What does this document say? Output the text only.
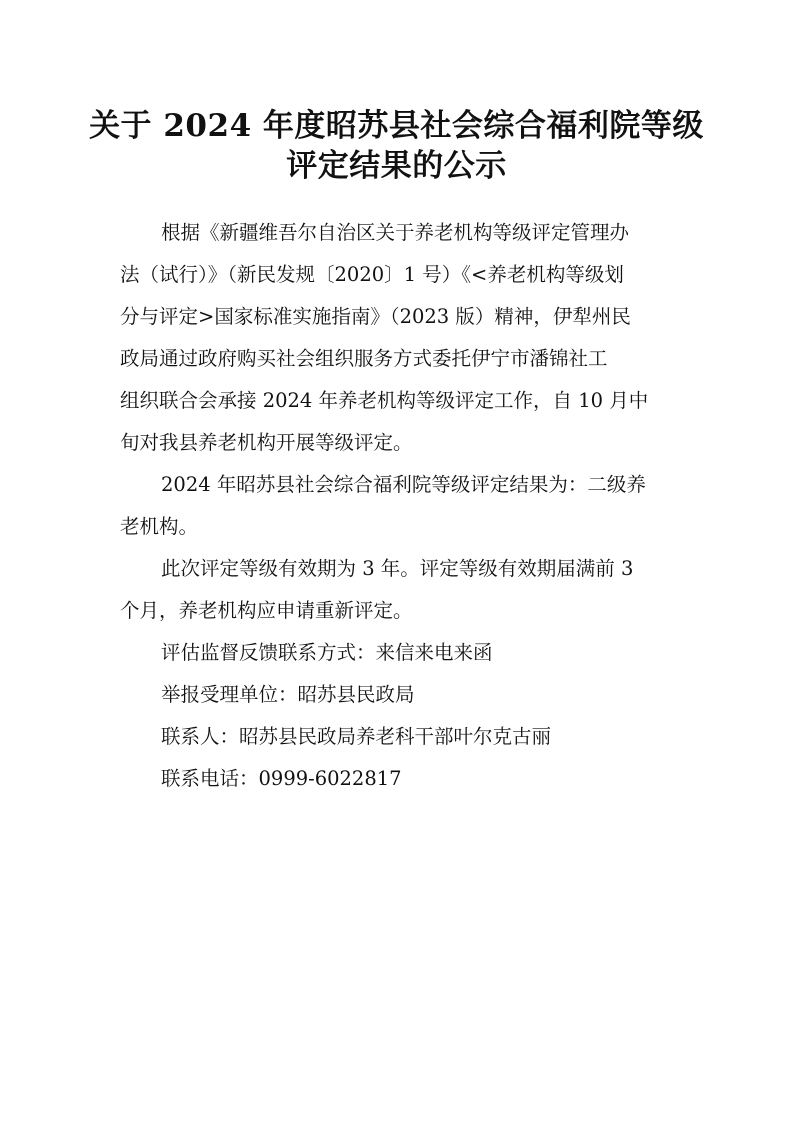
关于 2024 年度昭苏县社会综合福利院等级
评定结果的公示
根据《新疆维吾尔自治区关于养老机构等级评定管理办
法（试行）》（新民发规〔2020〕1 号）《<养老机构等级划
分与评定>国家标准实施指南》（2023 版）精神，伊犁州民
政局通过政府购买社会组织服务方式委托伊宁市潘锦社工
组织联合会承接 2024 年养老机构等级评定工作，自 10 月中
旬对我县养老机构开展等级评定。
2024 年昭苏县社会综合福利院等级评定结果为：二级养
老机构。
此次评定等级有效期为 3 年。评定等级有效期届满前 3
个月，养老机构应申请重新评定。
评估监督反馈联系方式：来信来电来函
举报受理单位：昭苏县民政局
联系人：昭苏县民政局养老科干部叶尔克古丽
联系电话：0999-6022817
